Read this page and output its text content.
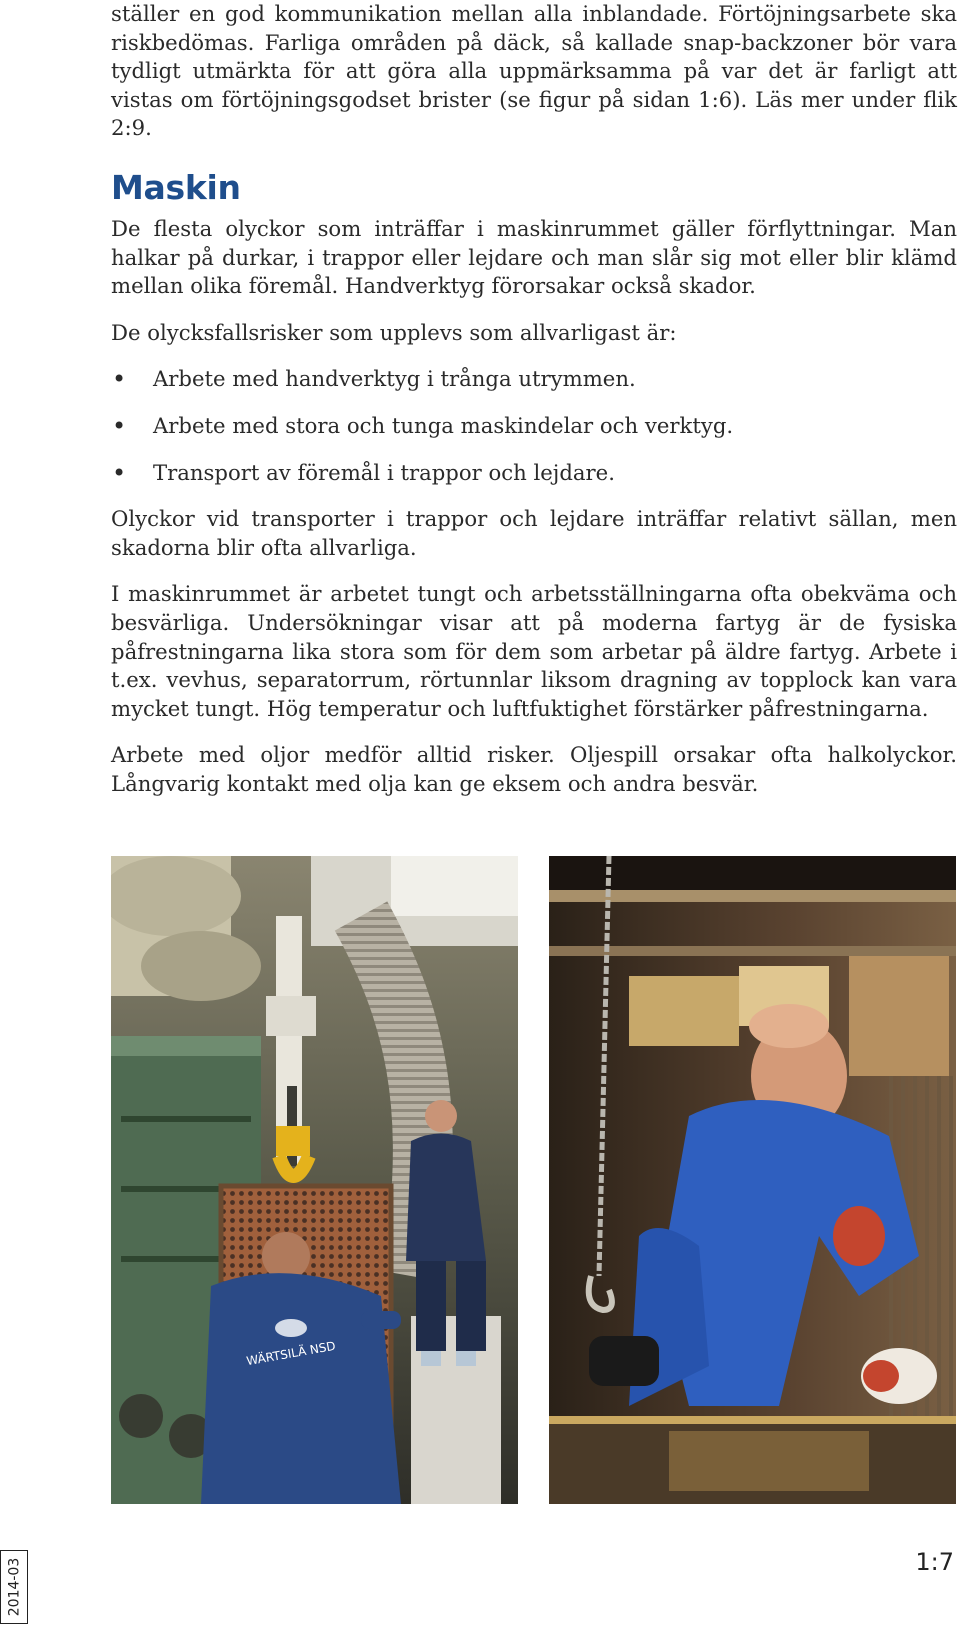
ställer en god kommunikation mellan alla inblandade. Förtöjningsarbete ska riskbedömas. Farliga områden på däck, så kallade snap-backzoner bör vara tydligt utmärkta för att göra alla uppmärksamma på var det är farligt att vistas om förtöjningsgodset brister (se figur på sidan 1:6). Läs mer under flik 2:9.

Maskin

De flesta olyckor som inträffar i maskinrummet gäller förflyttningar. Man halkar på durkar, i trappor eller lejdare och man slår sig mot eller blir klämd mellan olika föremål. Handverktyg förorsakar också skador.

De olycksfallsrisker som upplevs som allvarligast är:

• Arbete med handverktyg i trånga utrymmen.
• Arbete med stora och tunga maskindelar och verktyg.
• Transport av föremål i trappor och lejdare.

Olyckor vid transporter i trappor och lejdare inträffar relativt sällan, men skadorna blir ofta allvarliga.

I maskinrummet är arbetet tungt och arbetsställningarna ofta obekväma och besvärliga. Undersökningar visar att på moderna fartyg är de fysiska påfrestningarna lika stora som för dem som arbetar på äldre fartyg. Arbete i t.ex. vevhus, separatorrum, rörtunnlar liksom dragning av topplock kan vara mycket tungt. Hög temperatur och luftfuktighet förstärker påfrestningarna.

Arbete med oljor medför alltid risker. Oljespill orsakar ofta halkolyckor. Långvarig kontakt med olja kan ge eksem och andra besvär.

WÄRTSILÄ NSD
1:7
2014-03
